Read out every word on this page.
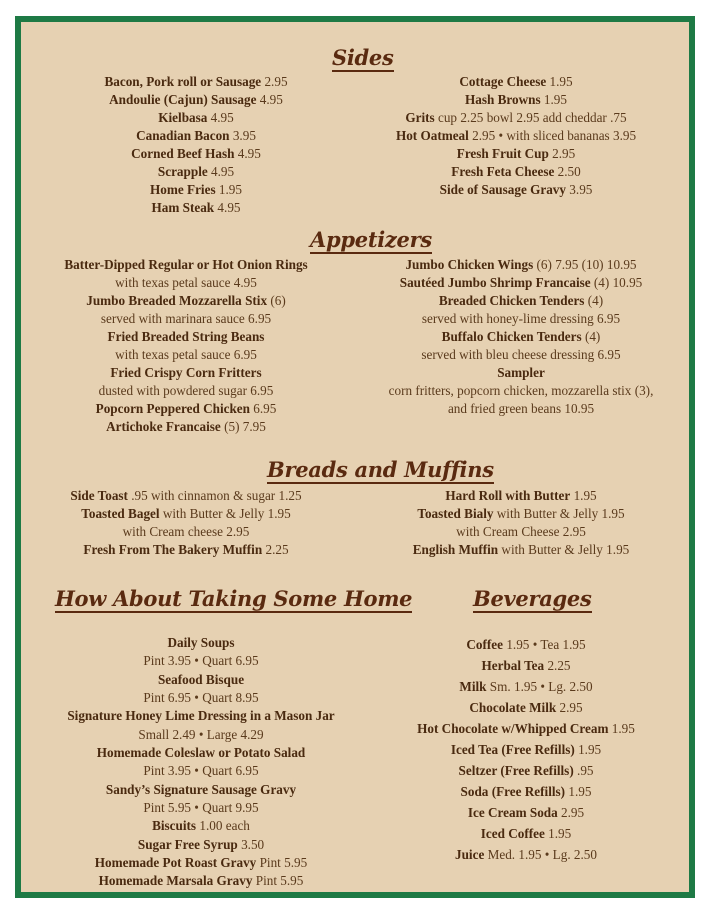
Sides
Bacon, Pork roll or Sausage 2.95
Andoulie (Cajun) Sausage 4.95
Kielbasa 4.95
Canadian Bacon 3.95
Corned Beef Hash 4.95
Scrapple 4.95
Home Fries 1.95
Ham Steak 4.95
Cottage Cheese 1.95
Hash Browns 1.95
Grits cup 2.25 bowl 2.95 add cheddar .75
Hot Oatmeal 2.95 • with sliced bananas 3.95
Fresh Fruit Cup 2.95
Fresh Feta Cheese 2.50
Side of Sausage Gravy 3.95
Appetizers
Batter-Dipped Regular or Hot Onion Rings
with texas petal sauce 4.95
Jumbo Breaded Mozzarella Stix (6)
served with marinara sauce 6.95
Fried Breaded String Beans
with texas petal sauce 6.95
Fried Crispy Corn Fritters
dusted with powdered sugar 6.95
Popcorn Peppered Chicken 6.95
Artichoke Francaise (5) 7.95
Jumbo Chicken Wings (6) 7.95 (10) 10.95
Sautéed Jumbo Shrimp Francaise (4) 10.95
Breaded Chicken Tenders (4)
served with honey-lime dressing 6.95
Buffalo Chicken Tenders (4)
served with bleu cheese dressing 6.95
Sampler
corn fritters, popcorn chicken, mozzarella stix (3),
and fried green beans 10.95
Breads and Muffins
Side Toast .95 with cinnamon & sugar 1.25
Toasted Bagel with Butter & Jelly 1.95
with Cream cheese 2.95
Fresh From The Bakery Muffin 2.25
Hard Roll with Butter 1.95
Toasted Bialy with Butter & Jelly 1.95
with Cream Cheese 2.95
English Muffin with Butter & Jelly 1.95
How About Taking Some Home
Daily Soups
Pint 3.95 • Quart 6.95
Seafood Bisque
Pint 6.95 • Quart 8.95
Signature Honey Lime Dressing in a Mason Jar
Small 2.49 • Large 4.29
Homemade Coleslaw or Potato Salad
Pint 3.95 • Quart 6.95
Sandy’s Signature Sausage Gravy
Pint 5.95 • Quart 9.95
Biscuits 1.00 each
Sugar Free Syrup 3.50
Homemade Pot Roast Gravy Pint 5.95
Homemade Marsala Gravy Pint 5.95
Beverages
Coffee 1.95 • Tea 1.95
Herbal Tea 2.25
Milk Sm. 1.95 • Lg. 2.50
Chocolate Milk 2.95
Hot Chocolate w/Whipped Cream 1.95
Iced Tea (Free Refills) 1.95
Seltzer (Free Refills) .95
Soda (Free Refills) 1.95
Ice Cream Soda 2.95
Iced Coffee 1.95
Juice Med. 1.95 • Lg. 2.50
